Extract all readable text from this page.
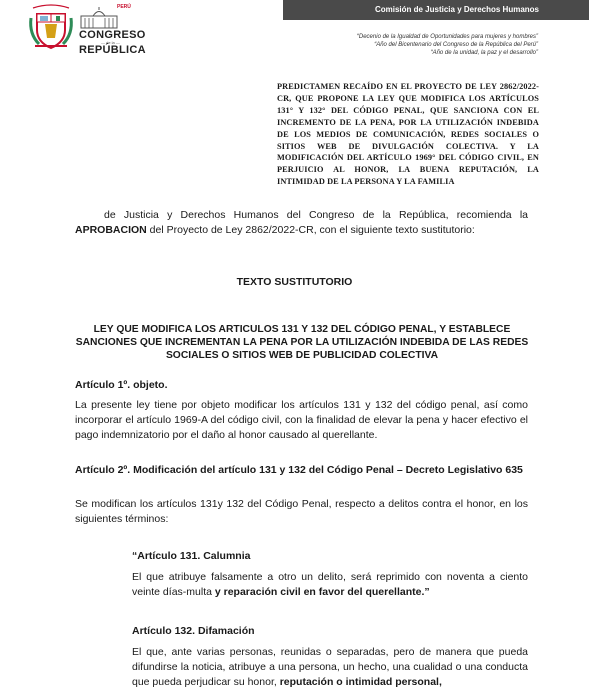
Comisión de Justicia y Derechos Humanos
PERÚ
CONGRESO
— de la —
REPÚBLICA
“Decenio de la Igualdad de Oportunidades para mujeres y hombres”
“Año del Bicentenario del Congreso de la República del Perú”
“Año de la unidad, la paz y el desarrollo”
PREDICTAMEN RECAÍDO EN EL PROYECTO DE LEY 2862/2022-CR, QUE PROPONE LA LEY QUE MODIFICA LOS ARTÍCULOS 131° Y 132° DEL CÓDIGO PENAL, QUE SANCIONA CON EL INCREMENTO DE LA PENA, POR LA UTILIZACIÓN INDEBIDA DE LOS MEDIOS DE COMUNICACIÓN, REDES SOCIALES O SITIOS WEB DE DIVULGACIÓN COLECTIVA. Y LA MODIFICACIÓN DEL ARTÍCULO 1969° DEL CÓDIGO CIVIL, EN PERJUICIO AL HONOR, LA BUENA REPUTACIÓN, LA INTIMIDAD DE LA PERSONA Y LA FAMILIA
de Justicia y Derechos Humanos del Congreso de la República, recomienda la APROBACION del Proyecto de Ley 2862/2022-CR, con el siguiente texto sustitutorio:
TEXTO SUSTITUTORIO
LEY QUE MODIFICA LOS ARTICULOS 131 Y 132 DEL CÓDIGO PENAL, Y ESTABLECE SANCIONES QUE INCREMENTAN LA PENA POR LA UTILIZACIÓN INDEBIDA DE LAS REDES SOCIALES O SITIOS WEB DE PUBLICIDAD COLECTIVA
Artículo 1º. objeto.
La presente ley tiene por objeto modificar los artículos 131 y 132 del código penal, así como incorporar el artículo 1969-A del código civil, con la finalidad de elevar la pena y hacer efectivo el pago indemnizatorio por el daño al honor causado al querellante.
Artículo 2º. Modificación del artículo 131 y 132 del Código Penal – Decreto Legislativo 635
Se modifican los artículos 131y 132 del Código Penal, respecto a delitos contra el honor, en los siguientes términos:
“Artículo 131. Calumnia
El que atribuye falsamente a otro un delito, será reprimido con noventa a ciento veinte días-multa y reparación civil en favor del querellante.”
Artículo 132. Difamación
El que, ante varias personas, reunidas o separadas, pero de manera que pueda difundirse la noticia, atribuye a una persona, un hecho, una cualidad o una conducta que pueda perjudicar su honor, reputación o intimidad personal,
